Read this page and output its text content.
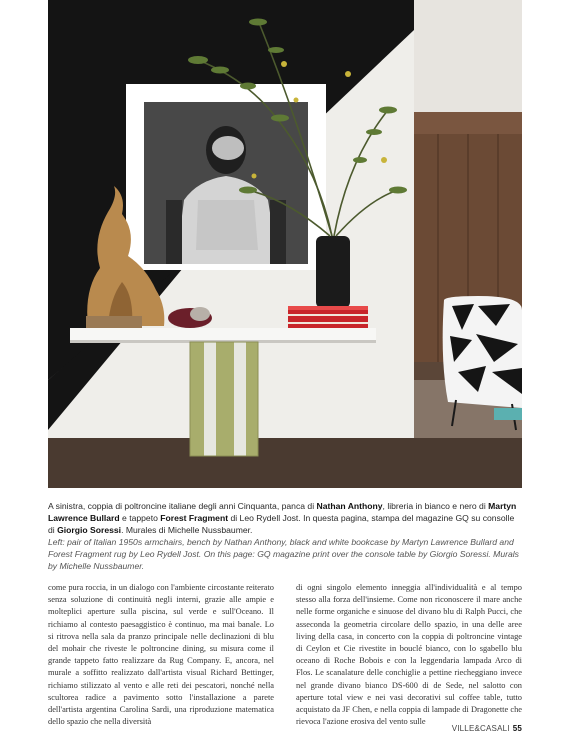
A sinistra, coppia di poltroncine italiane degli anni Cinquanta, panca di Nathan Anthony, libreria in bianco e nero di Martyn Lawrence Bullard e tappeto Forest Fragment di Leo Rydell Jost. In questa pagina, stampa del magazine GQ su consolle di Giorgio Soressi. Murales di Michelle Nussbaumer.
Left: pair of Italian 1950s armchairs, bench by Nathan Anthony, black and white bookcase by Martyn Lawrence Bullard and Forest Fragment rug by Leo Rydell Jost. On this page: GQ magazine print over the console table by Giorgio Soressi. Murals by Michelle Nussbaumer.
come pura roccia, in un dialogo con l'ambiente circostante reiterato senza soluzione di continuità negli interni, grazie alle ampie e molteplici aperture sulla piscina, sul verde e sull'Oceano. Il richiamo al contesto paesaggistico è continuo, ma mai banale. Lo si ritrova nella sala da pranzo principale nelle declinazioni di blu del mohair che riveste le poltroncine dining, su misura come il grande tappeto fatto realizzare da Rug Company. E, ancora, nel murale a soffitto realizzato dall'artista visual Richard Bettinger, richiamo stilizzato al vento e alle reti dei pescatori, nonché nella scultorea radice a pavimento sotto l'installazione a parete dell'artista argentina Carolina Sardi, una riproduzione matematica dello spazio che nella diversità
di ogni singolo elemento inneggia all'individualità e al tempo stesso alla forza dell'insieme. Come non riconoscere il mare anche nelle forme organiche e sinuose del divano blu di Ralph Pucci, che asseconda la geometria circolare dello spazio, in una delle aree living della casa, in concerto con la coppia di poltroncine vintage di Ceylon et Cie rivestite in bouclé bianco, con lo sgabello blu oceano di Roche Bobois e con la leggendaria lampada Arco di Flos. Le scanalature delle conchiglie a pettine riecheggiano invece nel grande divano bianco DS-600 di de Sede, nel salotto con aperture total view e nei vasi decorativi sul coffee table, tutto acquistato da JF Chen, e nella coppia di lampade di Dragonette che rievoca l'azione erosiva del vento sulle
VILLE&CASALI 55
